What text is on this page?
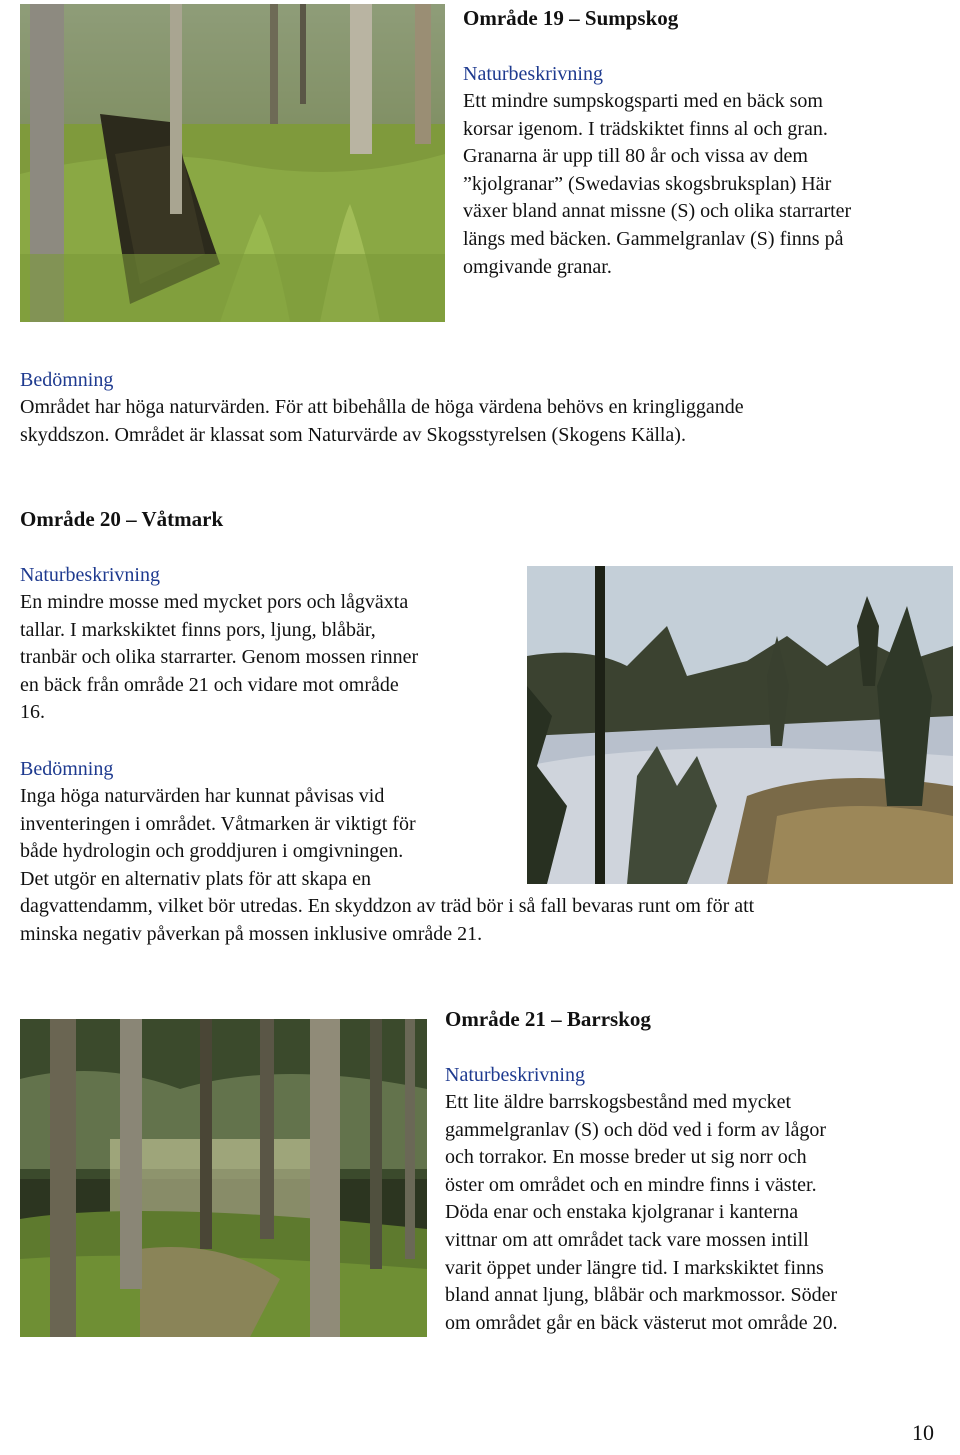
Område 19 – Sumpskog
Naturbeskrivning
Ett mindre sumpskogsparti med en bäck som
korsar igenom. I trädskiktet finns al och gran.
Granarna är upp till 80 år och vissa av dem
”kjolgranar” (Swedavias skogsbruksplan) Här
växer bland annat missne (S) och olika starrarter
längs med bäcken. Gammelgranlav (S) finns på
omgivande granar.
Bedömning
Området har höga naturvärden. För att bibehålla de höga värdena behövs en kringliggande
skyddszon. Området är klassat som Naturvärde av Skogsstyrelsen (Skogens Källa).
Område 20 – Våtmark
Naturbeskrivning
En mindre mosse med mycket pors och lågväxta
tallar. I markskiktet finns pors, ljung, blåbär,
tranbär och olika starrarter. Genom mossen rinner
en bäck från område 21 och vidare mot område
16.
Bedömning
Inga höga naturvärden har kunnat påvisas vid
inventeringen i området. Våtmarken är viktigt för
både hydrologin och groddjuren i omgivningen.
Det utgör en alternativ plats för att skapa en
dagvattendamm, vilket bör utredas. En skyddzon av träd bör i så fall bevaras runt om för att
minska negativ påverkan på mossen inklusive område 21.
Område 21 – Barrskog
Naturbeskrivning
Ett lite äldre barrskogsbestånd med mycket
gammelgranlav (S) och död ved i form av lågor
och torrakor. En mosse breder ut sig norr och
öster om området och en mindre finns i väster.
Döda enar och enstaka kjolgranar i kanterna
vittnar om att området tack vare mossen intill
varit öppet under längre tid. I markskiktet finns
bland annat ljung, blåbär och markmossor. Söder
om området går en bäck västerut mot område 20.
10
